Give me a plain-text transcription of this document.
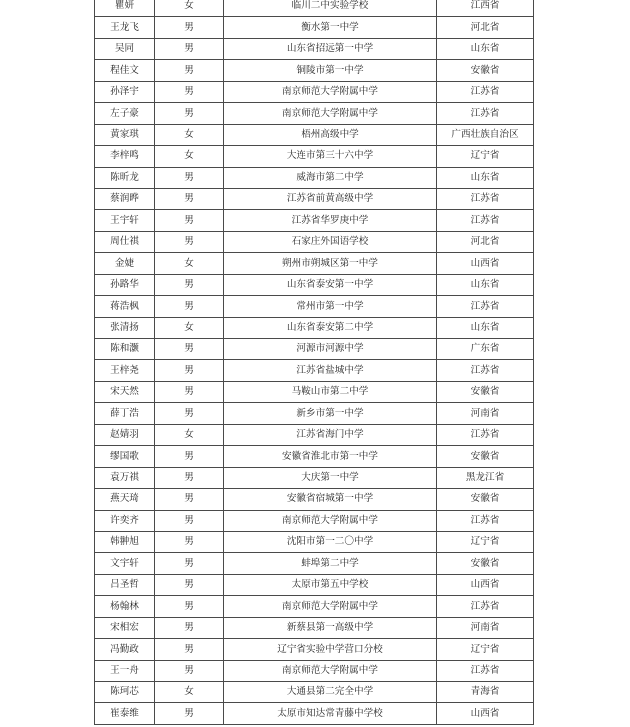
瞿妍	女	临川二中实验学校	江西省
王龙飞	男	衡水第一中学	河北省
吴同	男	山东省招远第一中学	山东省
程佳文	男	铜陵市第一中学	安徽省
孙泽宇	男	南京师范大学附属中学	江苏省
左子豪	男	南京师范大学附属中学	江苏省
黄家琪	女	梧州高级中学	广西壮族自治区
李梓鸣	女	大连市第三十六中学	辽宁省
陈昕龙	男	威海市第二中学	山东省
蔡润晔	男	江苏省前黄高级中学	江苏省
王宇轩	男	江苏省华罗庚中学	江苏省
周仕祺	男	石家庄外国语学校	河北省
金婕	女	朔州市朔城区第一中学	山西省
孙路华	男	山东省泰安第一中学	山东省
蒋浩枫	男	常州市第一中学	江苏省
张清扬	女	山东省泰安第二中学	山东省
陈和灏	男	河源市河源中学	广东省
王梓尧	男	江苏省盐城中学	江苏省
宋天然	男	马鞍山市第二中学	安徽省
薛丁浩	男	新乡市第一中学	河南省
赵婧羽	女	江苏省海门中学	江苏省
缪国歌	男	安徽省淮北市第一中学	安徽省
袁万祺	男	大庆第一中学	黑龙江省
燕天琦	男	安徽省宿城第一中学	安徽省
许奕齐	男	南京师范大学附属中学	江苏省
韩翀旭	男	沈阳市第一二〇中学	辽宁省
文宇轩	男	蚌埠第二中学	安徽省
吕圣哲	男	太原市第五中学校	山西省
杨翰林	男	南京师范大学附属中学	江苏省
宋相宏	男	新蔡县第一高级中学	河南省
冯勤政	男	辽宁省实验中学营口分校	辽宁省
王一舟	男	南京师范大学附属中学	江苏省
陈珂芯	女	大通县第二完全中学	青海省
崔泰维	男	太原市知达常青藤中学校	山西省
